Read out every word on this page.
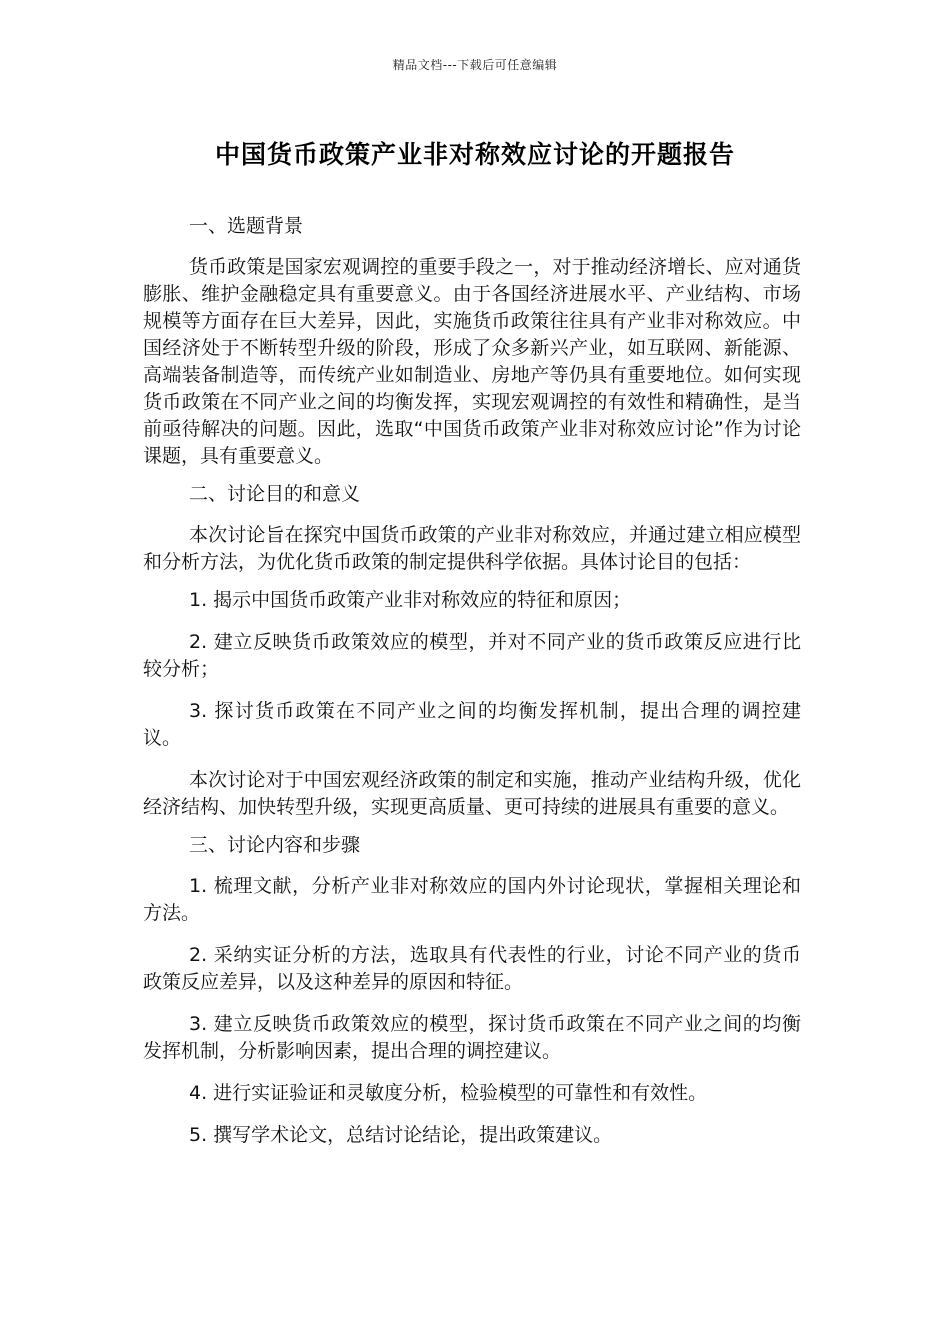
精品文档---下载后可任意编辑
中国货币政策产业非对称效应讨论的开题报告

一、选题背景

货币政策是国家宏观调控的重要手段之一，对于推动经济增长、应对通货膨胀、维护金融稳定具有重要意义。由于各国经济进展水平、产业结构、市场规模等方面存在巨大差异，因此，实施货币政策往往具有产业非对称效应。中国经济处于不断转型升级的阶段，形成了众多新兴产业，如互联网、新能源、高端装备制造等，而传统产业如制造业、房地产等仍具有重要地位。如何实现货币政策在不同产业之间的均衡发挥，实现宏观调控的有效性和精确性，是当前亟待解决的问题。因此，选取“中国货币政策产业非对称效应讨论”作为讨论课题，具有重要意义。

二、讨论目的和意义

本次讨论旨在探究中国货币政策的产业非对称效应，并通过建立相应模型和分析方法，为优化货币政策的制定提供科学依据。具体讨论目的包括：

1. 揭示中国货币政策产业非对称效应的特征和原因；

2. 建立反映货币政策效应的模型，并对不同产业的货币政策反应进行比较分析；

3. 探讨货币政策在不同产业之间的均衡发挥机制，提出合理的调控建议。

本次讨论对于中国宏观经济政策的制定和实施，推动产业结构升级，优化经济结构、加快转型升级，实现更高质量、更可持续的进展具有重要的意义。

三、讨论内容和步骤

1. 梳理文献，分析产业非对称效应的国内外讨论现状，掌握相关理论和方法。

2. 采纳实证分析的方法，选取具有代表性的行业，讨论不同产业的货币政策反应差异，以及这种差异的原因和特征。

3. 建立反映货币政策效应的模型，探讨货币政策在不同产业之间的均衡发挥机制，分析影响因素，提出合理的调控建议。

4. 进行实证验证和灵敏度分析，检验模型的可靠性和有效性。

5. 撰写学术论文，总结讨论结论，提出政策建议。
